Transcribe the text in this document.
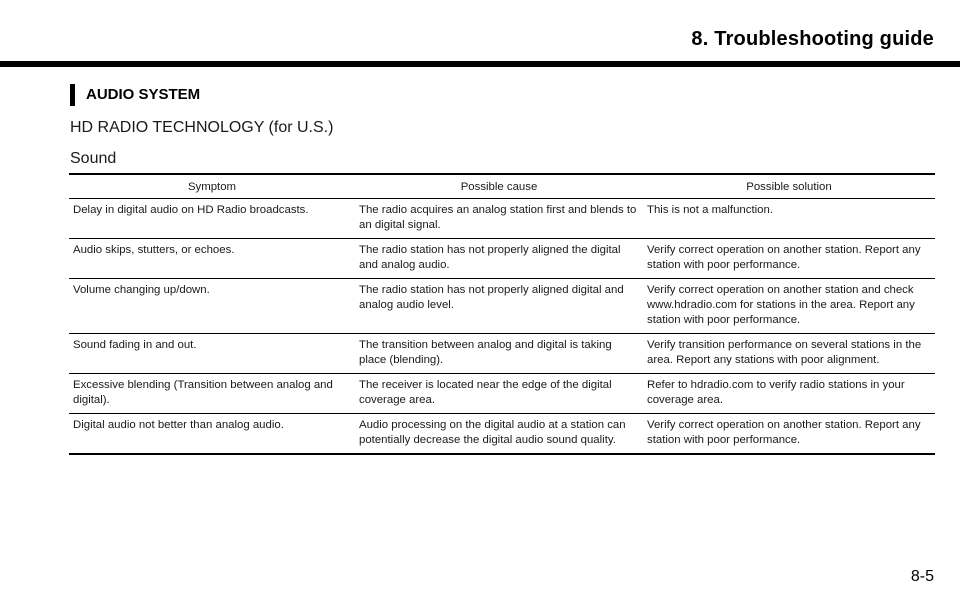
8. Troubleshooting guide
AUDIO SYSTEM
HD RADIO TECHNOLOGY (for U.S.)
Sound
Symptom	Possible cause	Possible solution
Delay in digital audio on HD Radio broadcasts.	The radio acquires an analog station first and blends to an digital signal.	This is not a malfunction.
Audio skips, stutters, or echoes.	The radio station has not properly aligned the digital and analog audio.	Verify correct operation on another station. Report any station with poor performance.
Volume changing up/down.	The radio station has not properly aligned digital and analog audio level.	Verify correct operation on another station and check www.hdradio.com for stations in the area. Report any station with poor performance.
Sound fading in and out.	The transition between analog and digital is taking place (blending).	Verify transition performance on several stations in the area. Report any stations with poor alignment.
Excessive blending (Transition between analog and digital).	The receiver is located near the edge of the digital coverage area.	Refer to hdradio.com to verify radio stations in your coverage area.
Digital audio not better than analog audio.	Audio processing on the digital audio at a station can potentially decrease the digital audio sound quality.	Verify correct operation on another station. Report any station with poor performance.
8-5
